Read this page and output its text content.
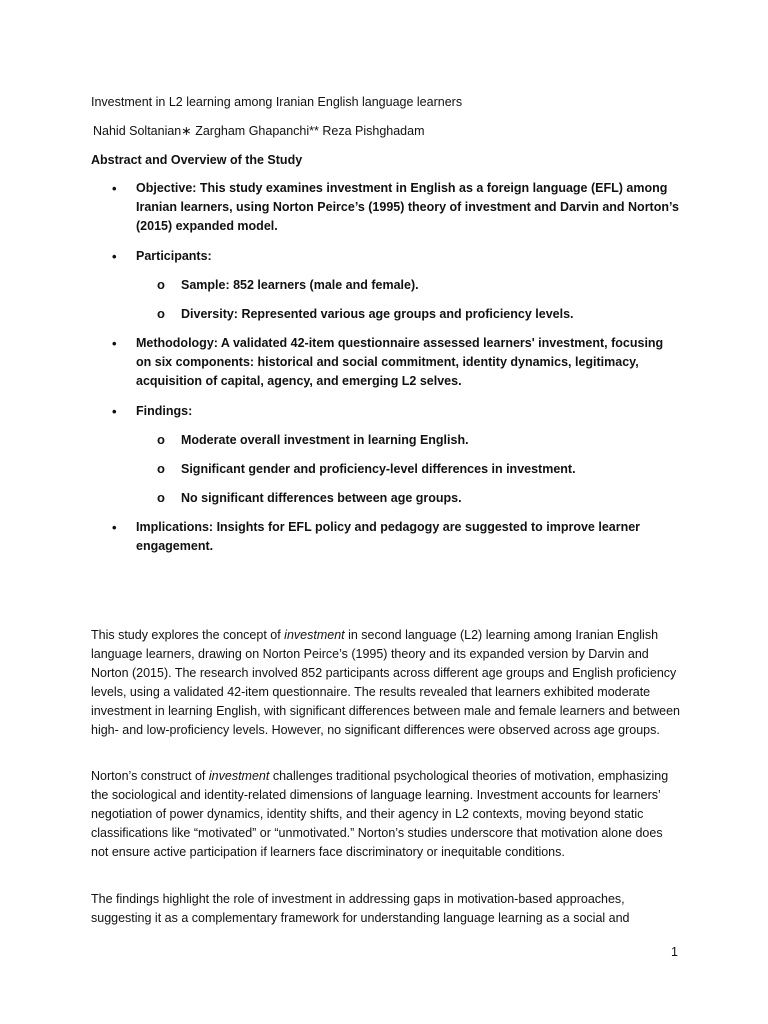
Investment in L2 learning among Iranian English language learners
Nahid Soltanian∗ Zargham Ghapanchi** Reza Pishghadam
Abstract and Overview of the Study
• Objective: This study examines investment in English as a foreign language (EFL) among Iranian learners, using Norton Peirce’s (1995) theory of investment and Darvin and Norton’s (2015) expanded model.
• Participants:
o Sample: 852 learners (male and female).
o Diversity: Represented various age groups and proficiency levels.
• Methodology: A validated 42-item questionnaire assessed learners' investment, focusing on six components: historical and social commitment, identity dynamics, legitimacy, acquisition of capital, agency, and emerging L2 selves.
• Findings:
o Moderate overall investment in learning English.
o Significant gender and proficiency-level differences in investment.
o No significant differences between age groups.
• Implications: Insights for EFL policy and pedagogy are suggested to improve learner engagement.

This study explores the concept of investment in second language (L2) learning among Iranian English language learners, drawing on Norton Peirce’s (1995) theory and its expanded version by Darvin and Norton (2015). The research involved 852 participants across different age groups and English proficiency levels, using a validated 42-item questionnaire. The results revealed that learners exhibited moderate investment in learning English, with significant differences between male and female learners and between high- and low-proficiency levels. However, no significant differences were observed across age groups.

Norton’s construct of investment challenges traditional psychological theories of motivation, emphasizing the sociological and identity-related dimensions of language learning. Investment accounts for learners’ negotiation of power dynamics, identity shifts, and their agency in L2 contexts, moving beyond static classifications like “motivated” or “unmotivated.” Norton’s studies underscore that motivation alone does not ensure active participation if learners face discriminatory or inequitable conditions.

The findings highlight the role of investment in addressing gaps in motivation-based approaches, suggesting it as a complementary framework for understanding language learning as a social and

1
